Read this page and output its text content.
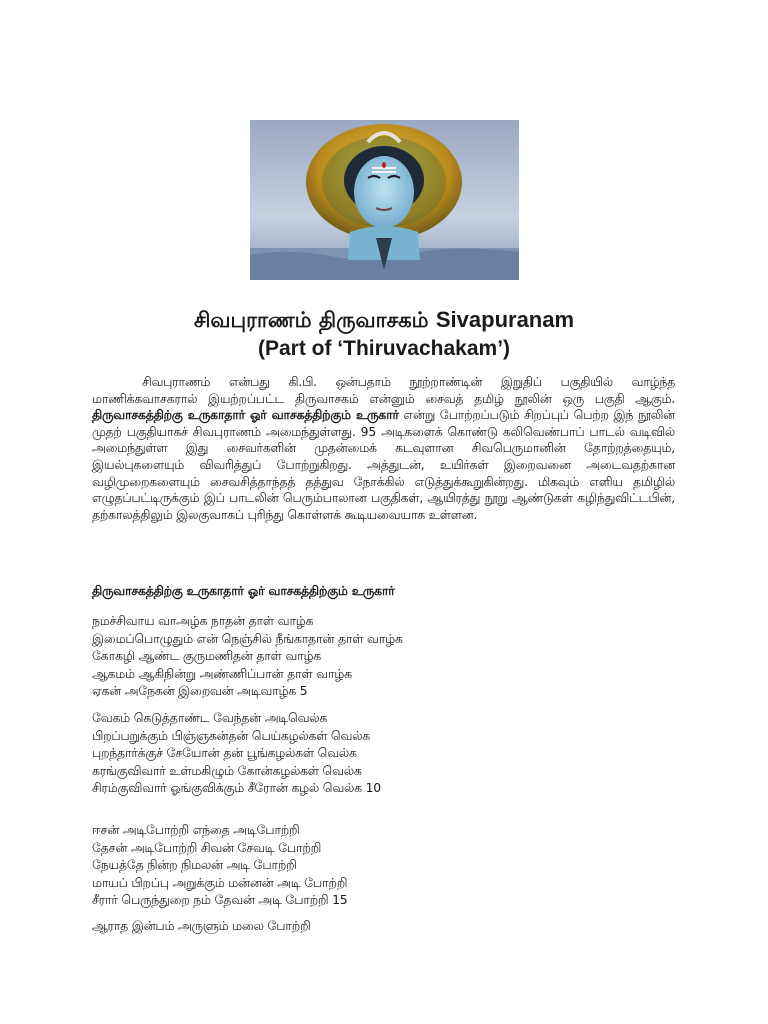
சிவபுராணம் திருவாசகம் Sivapuranam
(Part of ‘Thiruvachakam’)

சிவபுராணம் என்பது கி.பி. ஒன்பதாம் நூற்றாண்டின் இறுதிப் பகுதியில் வாழ்ந்த மாணிக்கவாசகரால் இயற்றப்பட்ட திருவாசகம் என்னும் சைவத் தமிழ் நூலின் ஒரு பகுதி ஆகும். திருவாசகத்திற்கு உருகாதார் ஓர் வாசகத்திற்கும் உருகார் என்று போற்றப்படும் சிறப்புப் பெற்ற இந் நூலின் முதற் பகுதியாகச் சிவபுராணம் அமைந்துள்ளது. 95 அடிகளைக் கொண்டு கலிவெண்பாப் பாடல் வடிவில் அமைந்துள்ள இது சைவர்களின் முதன்மைக் கடவுளான சிவபெருமானின் தோற்றத்தையும், இயல்புகளையும் விவரித்துப் போற்றுகிறது. அத்துடன், உயிர்கள் இறைவனை அடைவதற்கான வழிமுறைகளையும் சைவசித்தாந்தத் தத்துவ நோக்கில் எடுத்துக்கூறுகின்றது. மிகவும் எளிய தமிழில் எழுதப்பட்டிருக்கும் இப் பாடலின் பெரும்பாலான பகுதிகள், ஆயிரத்து நூறு ஆண்டுகள் கழிந்துவிட்டபின், தற்காலத்திலும் இலகுவாகப் புரிந்து கொள்ளக் கூடியவையாக உள்ளன.

திருவாசகத்திற்கு உருகாதார் ஓர் வாசகத்திற்கும் உருகார்

நமச்சிவாய வாஅழ்க நாதன் தாள் வாழ்க
இமைப்பொழுதும் என் நெஞ்சில் நீங்காதான் தாள் வாழ்க
கோகழி ஆண்ட குருமணிதன் தாள் வாழ்க
ஆகமம் ஆகிநின்று அண்ணிப்பான் தாள் வாழ்க
ஏகன் அநேகன் இறைவன் அடிவாழ்க 5
வேகம் கெடுத்தாண்ட வேந்தன் அடிவெல்க
பிறப்பறுக்கும் பிஞ்ஞகன்தன் பெய்கழல்கள் வெல்க
புறந்தார்க்குச் சேயோன் தன் பூங்கழல்கள் வெல்க
கரங்குவிவார் உள்மகிழும் கோன்கழல்கள் வெல்க
சிரம்குவிவார் ஓங்குவிக்கும் சீரோன் கழல் வெல்க 10
ஈசன் அடிபோற்றி எந்தை அடிபோற்றி
தேசன் அடிபோற்றி சிவன் சேவடி போற்றி
நேயத்தே நின்ற நிமலன் அடி போற்றி
மாயப் பிறப்பு அறுக்கும் மன்னன் அடி போற்றி
சீரார் பெருந்துறை நம் தேவன் அடி போற்றி 15
ஆராத இன்பம் அருளும் மலை போற்றி
